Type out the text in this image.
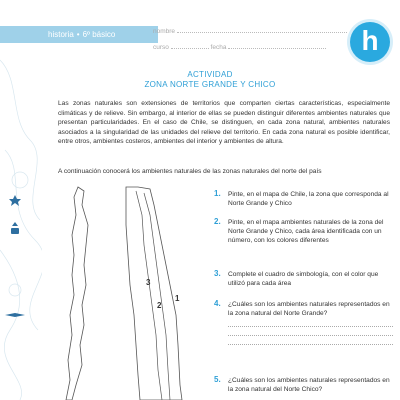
historia • 6º básico	nombre
curso	fecha	h
ACTIVIDAD
ZONA NORTE GRANDE Y CHICO
Las zonas naturales son extensiones de territorios que comparten ciertas características, especialmente climáticas y de relieve. Sin embargo, al interior de ellas se pueden distinguir diferentes ambientes naturales que presentan particularidades. En el caso de Chile, se distinguen, en cada zona natural, ambientes naturales asociados a la singularidad de las unidades del relieve del territorio. En cada zona natural es posible identificar, entre otros, ambientes costeros, ambientes del interior y ambientes de altura.
A continuación conocerá los ambientes naturales de las zonas naturales del norte del país
3
2
1
1. Pinte, en el mapa de Chile, la zona que corresponda al Norte Grande y Chico
2. Pinte, en el mapa ambientes naturales de la zona del Norte Grande y Chico, cada área identificada con un número, con los colores diferentes
3. Complete el cuadro de simbología, con el color que utilizó para cada área
4. ¿Cuáles son los ambientes naturales representados en la zona natural del Norte Grande?
5. ¿Cuáles son los ambientes naturales representados en la zona natural del Norte Chico?
